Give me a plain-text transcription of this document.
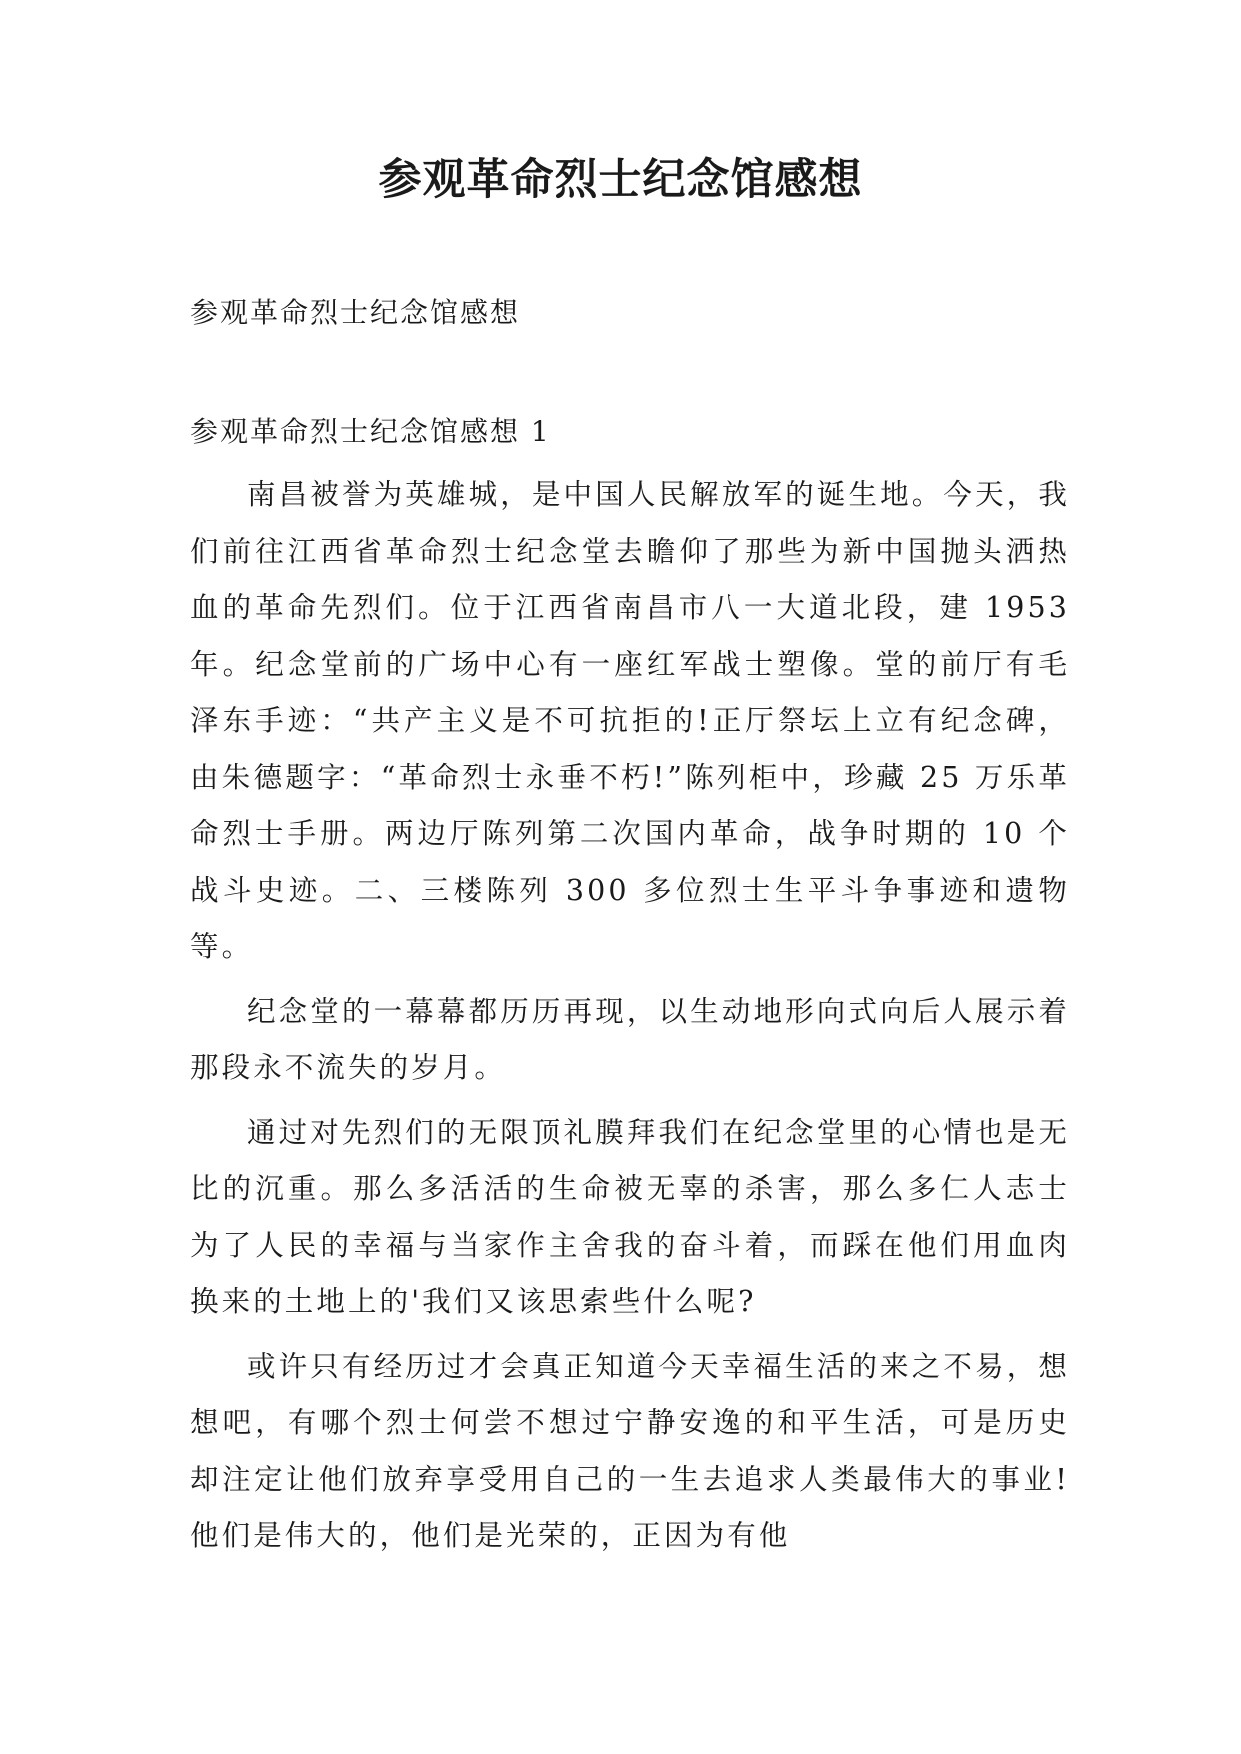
参观革命烈士纪念馆感想

参观革命烈士纪念馆感想

参观革命烈士纪念馆感想 1

南昌被誉为英雄城，是中国人民解放军的诞生地。今天，我们前往江西省革命烈士纪念堂去瞻仰了那些为新中国抛头洒热血的革命先烈们。位于江西省南昌市八一大道北段，建 1953 年。纪念堂前的广场中心有一座红军战士塑像。堂的前厅有毛泽东手迹：“共产主义是不可抗拒的!正厅祭坛上立有纪念碑，由朱德题字：“革命烈士永垂不朽!”陈列柜中，珍藏 25 万乐革命烈士手册。两边厅陈列第二次国内革命，战争时期的 10 个战斗史迹。二、三楼陈列 300 多位烈士生平斗争事迹和遗物等。

纪念堂的一幕幕都历历再现，以生动地形向式向后人展示着那段永不流失的岁月。

通过对先烈们的无限顶礼膜拜我们在纪念堂里的心情也是无比的沉重。那么多活活的生命被无辜的杀害，那么多仁人志士为了人民的幸福与当家作主舍我的奋斗着，而踩在他们用血肉换来的土地上的'我们又该思索些什么呢?

或许只有经历过才会真正知道今天幸福生活的来之不易，想想吧，有哪个烈士何尝不想过宁静安逸的和平生活，可是历史却注定让他们放弃享受用自己的一生去追求人类最伟大的事业!他们是伟大的，他们是光荣的，正因为有他
